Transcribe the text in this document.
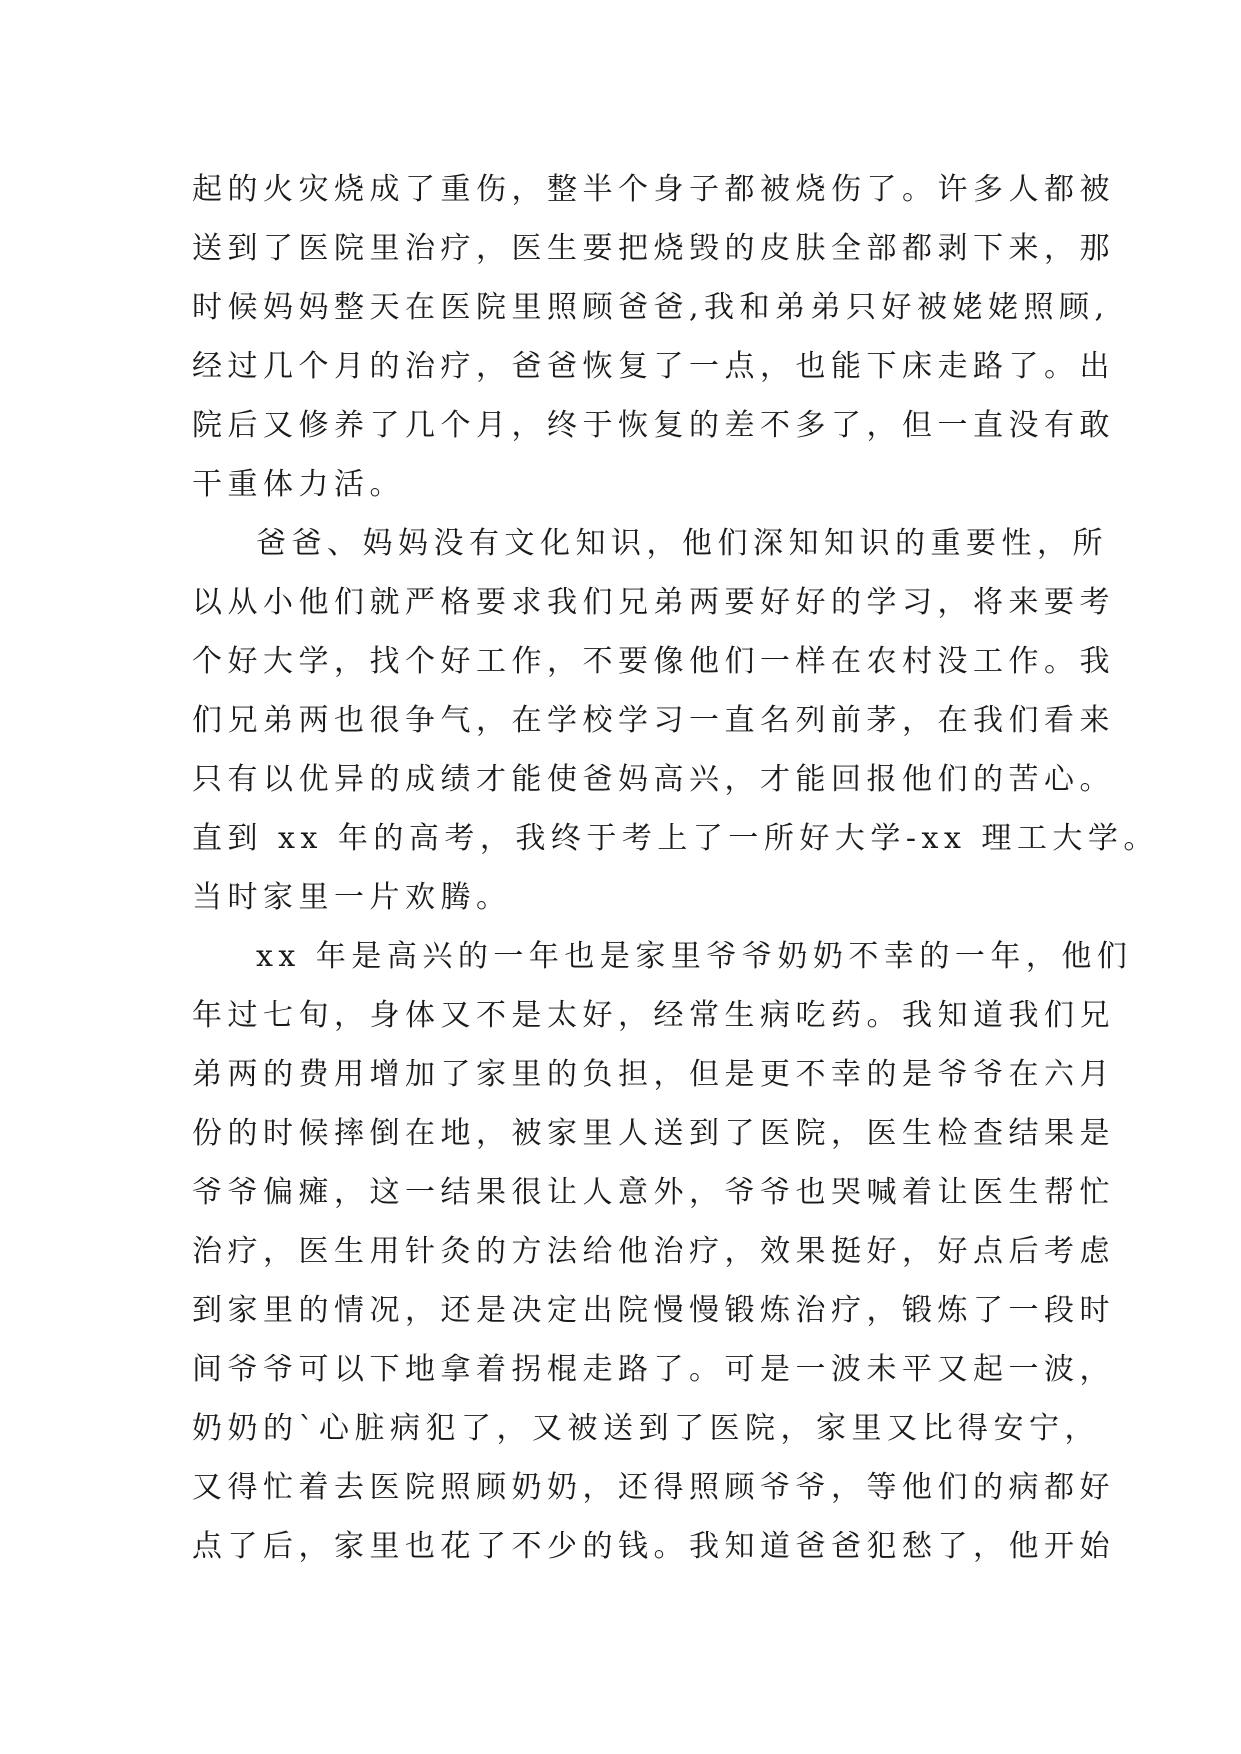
起的火灾烧成了重伤，整半个身子都被烧伤了。许多人都被
送到了医院里治疗，医生要把烧毁的皮肤全部都剥下来，那
时候妈妈整天在医院里照顾爸爸,我和弟弟只好被姥姥照顾,
经过几个月的治疗，爸爸恢复了一点，也能下床走路了。出
院后又修养了几个月，终于恢复的差不多了，但一直没有敢
干重体力活。
爸爸、妈妈没有文化知识，他们深知知识的重要性，所
以从小他们就严格要求我们兄弟两要好好的学习，将来要考
个好大学，找个好工作，不要像他们一样在农村没工作。我
们兄弟两也很争气，在学校学习一直名列前茅，在我们看来
只有以优异的成绩才能使爸妈高兴，才能回报他们的苦心。
直到 xx 年的高考，我终于考上了一所好大学-xx 理工大学。
当时家里一片欢腾。
xx 年是高兴的一年也是家里爷爷奶奶不幸的一年，他们
年过七旬，身体又不是太好，经常生病吃药。我知道我们兄
弟两的费用增加了家里的负担，但是更不幸的是爷爷在六月
份的时候摔倒在地，被家里人送到了医院，医生检查结果是
爷爷偏瘫，这一结果很让人意外，爷爷也哭喊着让医生帮忙
治疗，医生用针灸的方法给他治疗，效果挺好，好点后考虑
到家里的情况，还是决定出院慢慢锻炼治疗，锻炼了一段时
间爷爷可以下地拿着拐棍走路了。可是一波未平又起一波，
奶奶的`心脏病犯了，又被送到了医院，家里又比得安宁，
又得忙着去医院照顾奶奶，还得照顾爷爷，等他们的病都好
点了后，家里也花了不少的钱。我知道爸爸犯愁了，他开始
